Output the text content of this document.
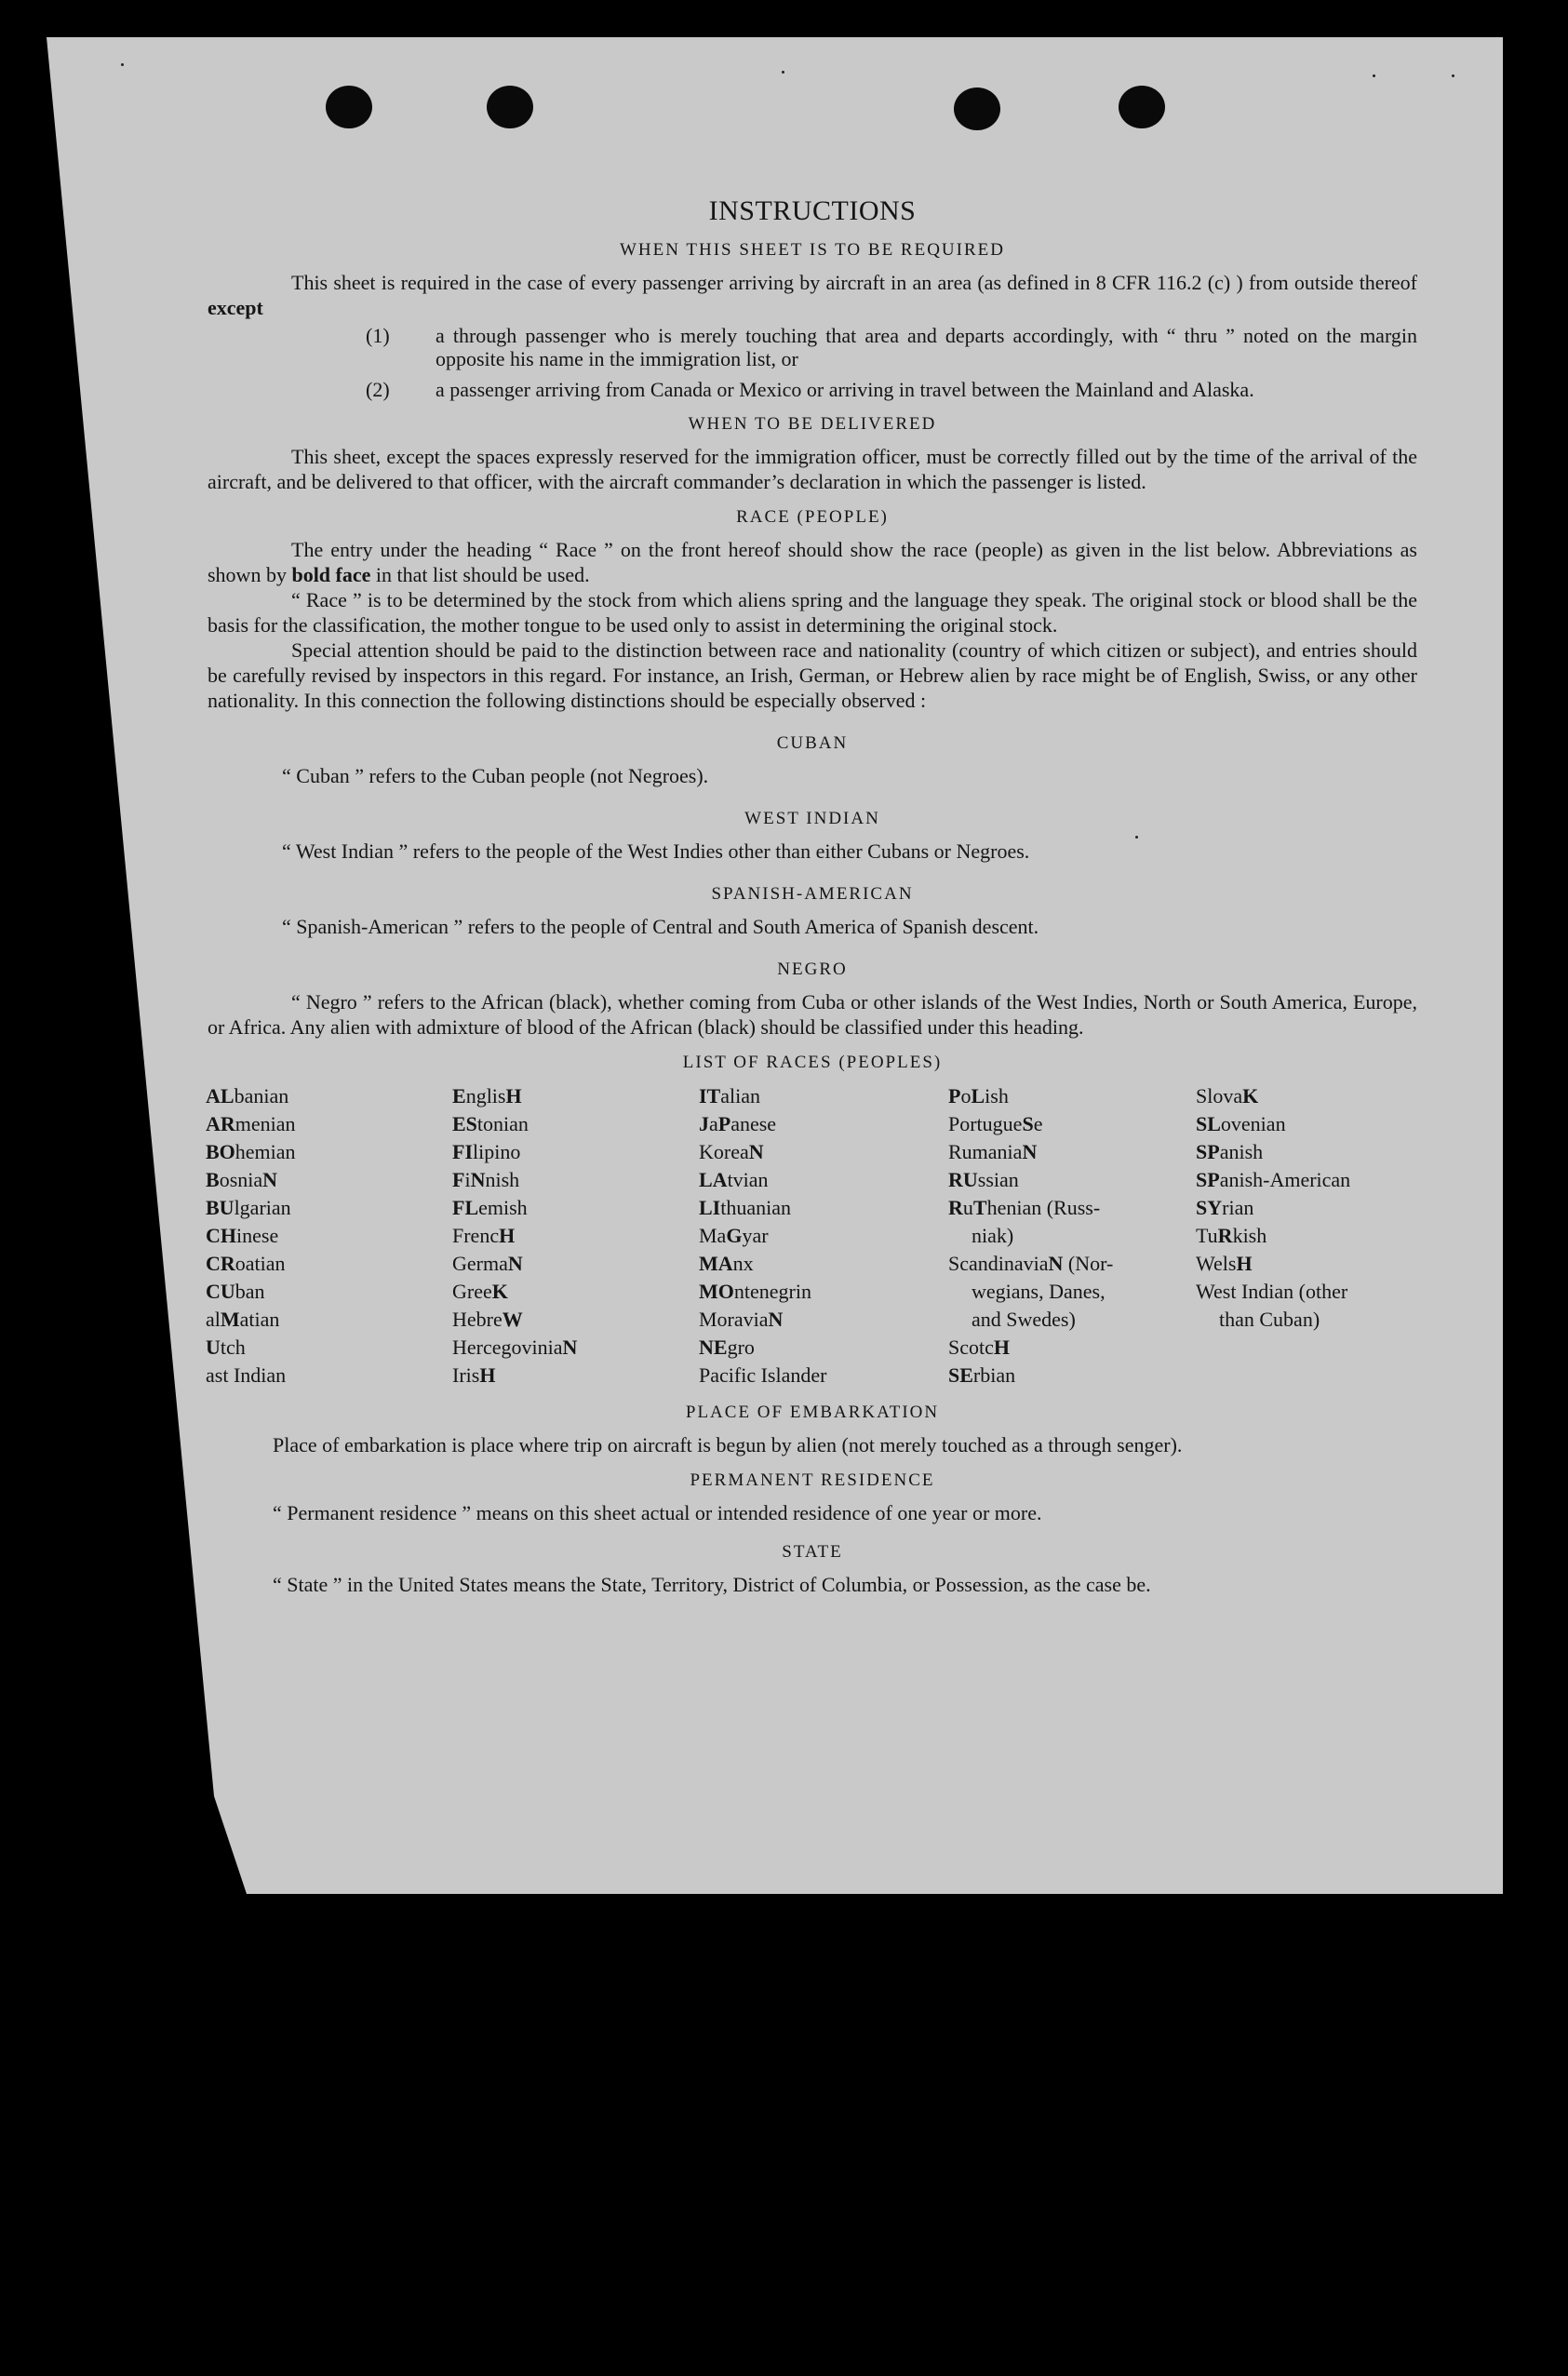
INSTRUCTIONS
WHEN THIS SHEET IS TO BE REQUIRED

This sheet is required in the case of every passenger arriving by aircraft in an area (as defined in 8 CFR 116.2 (c) ) from outside thereof except

(1)	a through passenger who is merely touching that area and departs accordingly, with “ thru ” noted on the margin opposite his name in the immigration list, or
(2)	a passenger arriving from Canada or Mexico or arriving in travel between the Mainland and Alaska.
WHEN TO BE DELIVERED

This sheet, except the spaces expressly reserved for the immigration officer, must be correctly filled out by the time of the arrival of the aircraft, and be delivered to that officer, with the aircraft commander’s declaration in which the passenger is listed.

RACE (PEOPLE)

The entry under the heading “ Race ” on the front hereof should show the race (people) as given in the list below. Abbreviations as shown by bold face in that list should be used.

“ Race ” is to be determined by the stock from which aliens spring and the language they speak. The original stock or blood shall be the basis for the classification, the mother tongue to be used only to assist in determining the original stock.

Special attention should be paid to the distinction between race and nationality (country of which citizen or subject), and entries should be carefully revised by inspectors in this regard. For instance, an Irish, German, or Hebrew alien by race might be of English, Swiss, or any other nationality. In this connection the following distinctions should be especially observed :

CUBAN

“ Cuban ” refers to the Cuban people (not Negroes).

WEST INDIAN

“ West Indian ” refers to the people of the West Indies other than either Cubans or Negroes.

SPANISH-AMERICAN

“ Spanish-American ” refers to the people of Central and South America of Spanish descent.

NEGRO

“ Negro ” refers to the African (black), whether coming from Cuba or other islands of the West Indies, North or South America, Europe, or Africa. Any alien with admixture of blood of the African (black) should be classified under this heading.

LIST OF RACES (PEOPLES)
ALbanian
ARmenian
BOhemian
BosniaN
BUlgarian
CHinese
CRoatian
CUban
alMatian
Utch
ast Indian
EnglisH
EStonian
FIlipino
FiNnish
FLemish
FrencH
GermaN
GreeK
HebreW
HercegoviniaN
IrisH
ITalian
JaPanese
KoreaN
LAtvian
LIthuanian
MaGyar
MAnx
MOntenegrin
MoraviaN
NEgro
Pacific Islander
PoLish
PortugueSe
RumaniaN
RUssian
RuThenian (Russ-
niak)
ScandinaviaN (Nor-
wegians, Danes,
and Swedes)
ScotcH
SErbian
SlovaK
SLovenian
SPanish
SPanish-American
SYrian
TuRkish
WelsH
West Indian (other
than Cuban)
PLACE OF EMBARKATION

Place of embarkation is place where trip on aircraft is begun by alien (not merely touched as a through senger).

PERMANENT RESIDENCE

“ Permanent residence ” means on this sheet actual or intended residence of one year or more.

STATE

“ State ” in the United States means the State, Territory, District of Columbia, or Possession, as the case be.
